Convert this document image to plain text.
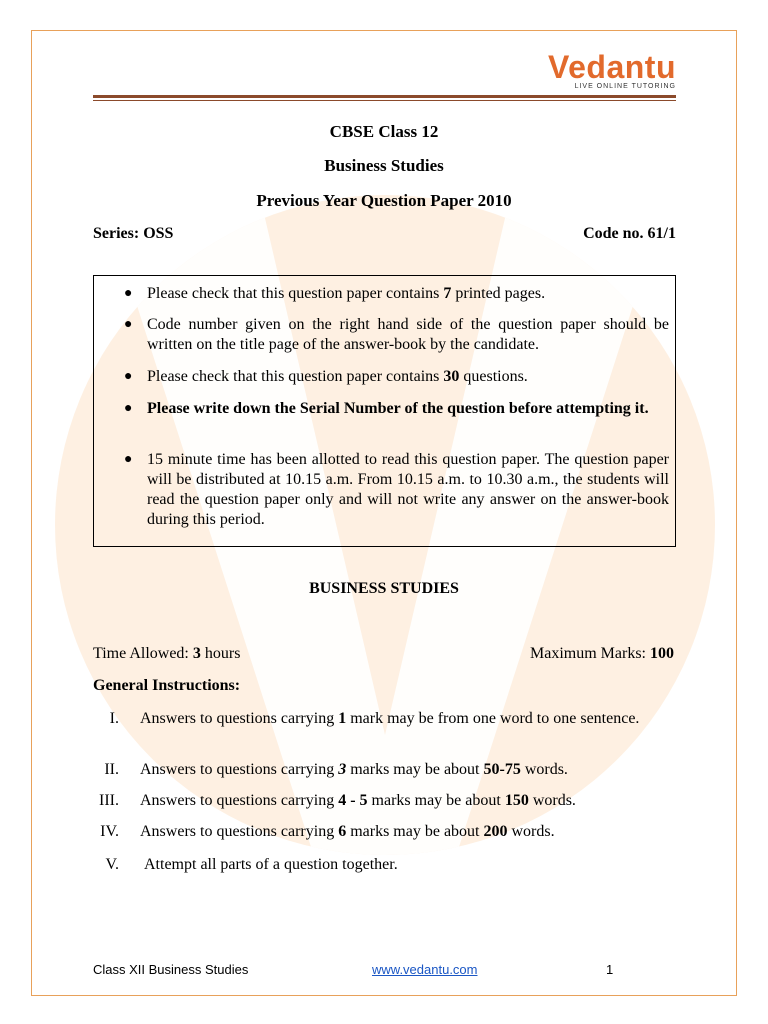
Vedantu
LIVE ONLINE TUTORING
CBSE Class 12
Business Studies
Previous Year Question Paper 2010
Series: OSS	Code no. 61/1
● Please check that this question paper contains 7 printed pages.
● Code number given on the right hand side of the question paper should be written on the title page of the answer-book by the candidate.
● Please check that this question paper contains 30 questions.
● Please write down the Serial Number of the question before attempting it.
● 15 minute time has been allotted to read this question paper. The question paper will be distributed at 10.15 a.m. From 10.15 a.m. to 10.30 a.m., the students will read the question paper only and will not write any answer on the answer-book during this period.
BUSINESS STUDIES
Time Allowed: 3 hours	Maximum Marks: 100
General Instructions:
I. Answers to questions carrying 1 mark may be from one word to one sentence.
II. Answers to questions carrying 3 marks may be about 50-75 words.
III. Answers to questions carrying 4 - 5 marks may be about 150 words.
IV. Answers to questions carrying 6 marks may be about 200 words.
V. Attempt all parts of a question together.
Class XII Business Studies	www.vedantu.com	1
